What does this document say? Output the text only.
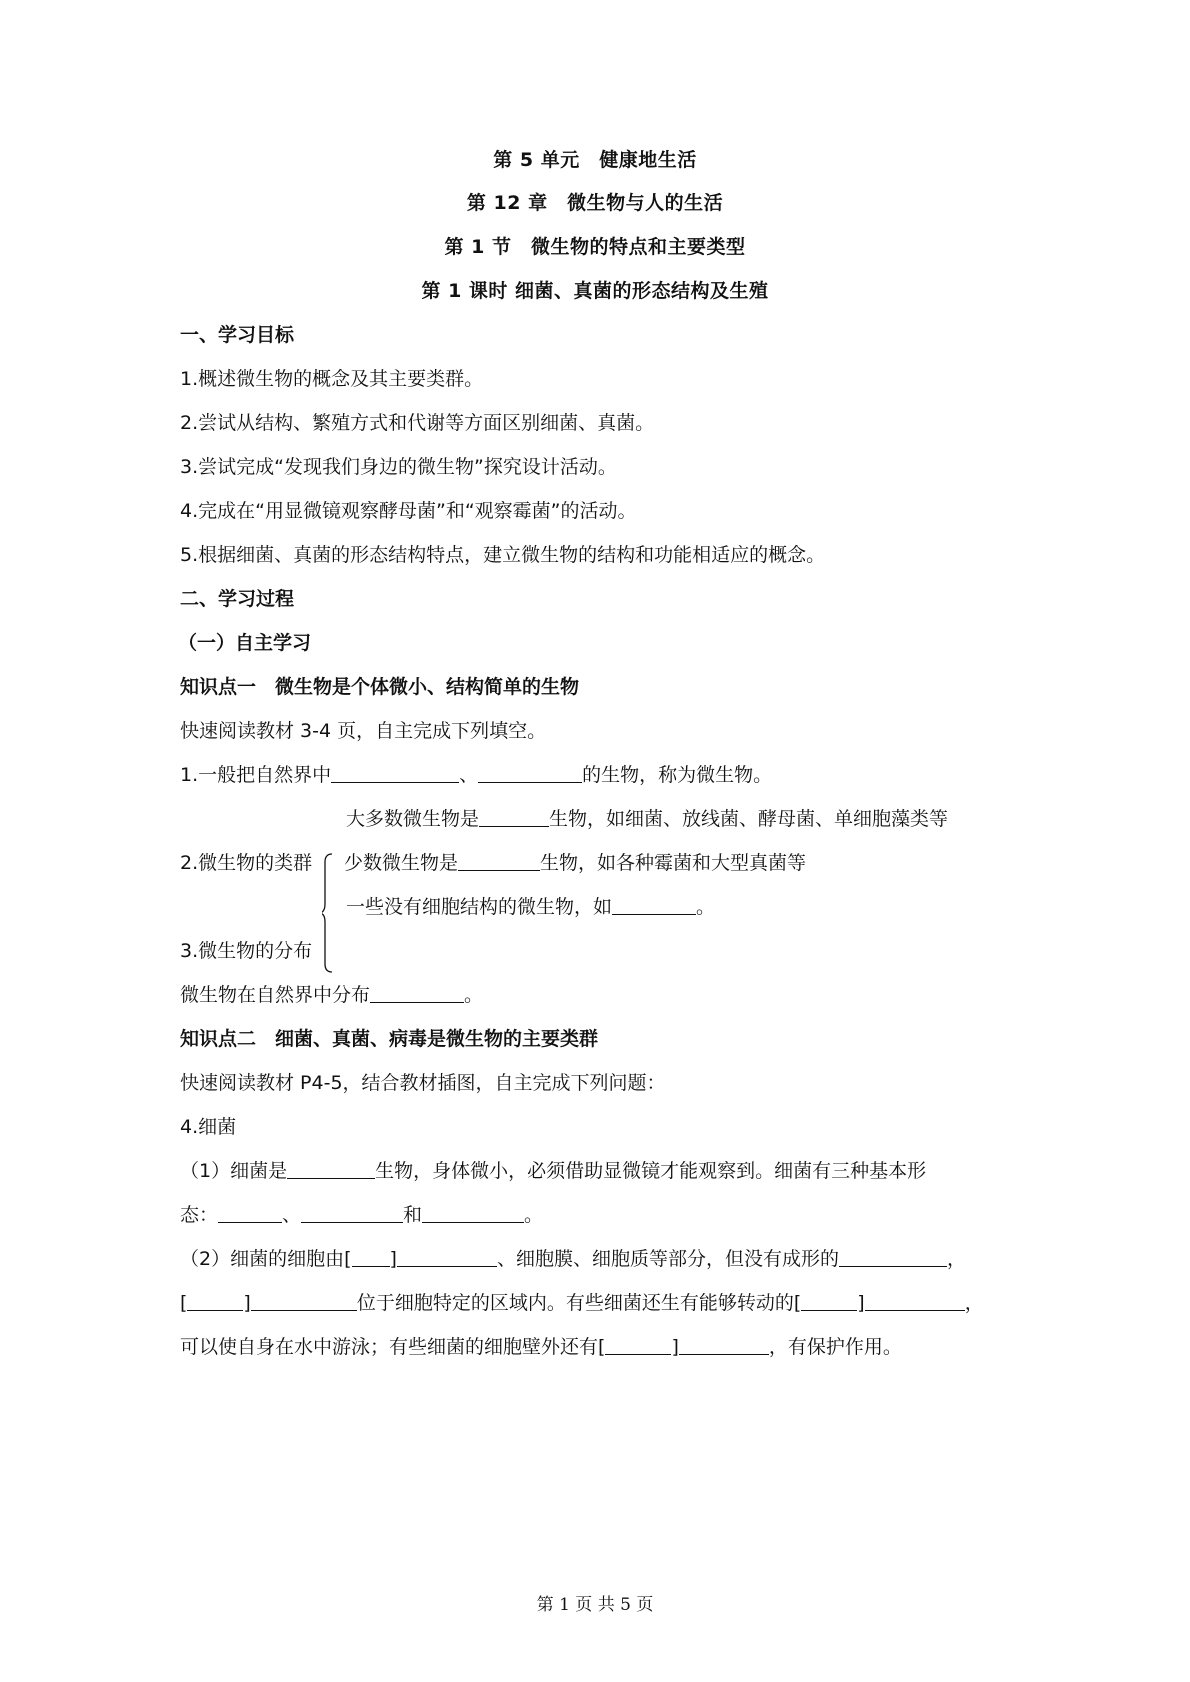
第 5 单元　健康地生活
第 12 章　微生物与人的生活
第 1 节　微生物的特点和主要类型
第 1 课时 细菌、真菌的形态结构及生殖
一、学习目标
1.概述微生物的概念及其主要类群。
2.尝试从结构、繁殖方式和代谢等方面区别细菌、真菌。
3.尝试完成“发现我们身边的微生物”探究设计活动。
4.完成在“用显微镜观察酵母菌”和“观察霉菌”的活动。
5.根据细菌、真菌的形态结构特点，建立微生物的结构和功能相适应的概念。
二、学习过程
（一）自主学习
知识点一　微生物是个体微小、结构简单的生物
快速阅读教材 3-4 页，自主完成下列填空。
1.一般把自然界中	、	的生物，称为微生物。
2.微生物的类群
大多数微生物是	生物，如细菌、放线菌、酵母菌、单细胞藻类等
少数微生物是	生物，如各种霉菌和大型真菌等
一些没有细胞结构的微生物，如	。
3.微生物的分布
微生物在自然界中分布	。
知识点二　细菌、真菌、病毒是微生物的主要类群
快速阅读教材 P4-5，结合教材插图，自主完成下列问题：
4.细菌
（1）细菌是	生物，身体微小，必须借助显微镜才能观察到。细菌有三种基本形
态：	、	和	。
（2）细菌的细胞由[ ]	、细胞膜、细胞质等部分，但没有成形的	，
[	]	位于细胞特定的区域内。有些细菌还生有能够转动的[	]	，
可以使自身在水中游泳；有些细菌的细胞壁外还有[	]	，有保护作用。
第 1 页 共 5 页
